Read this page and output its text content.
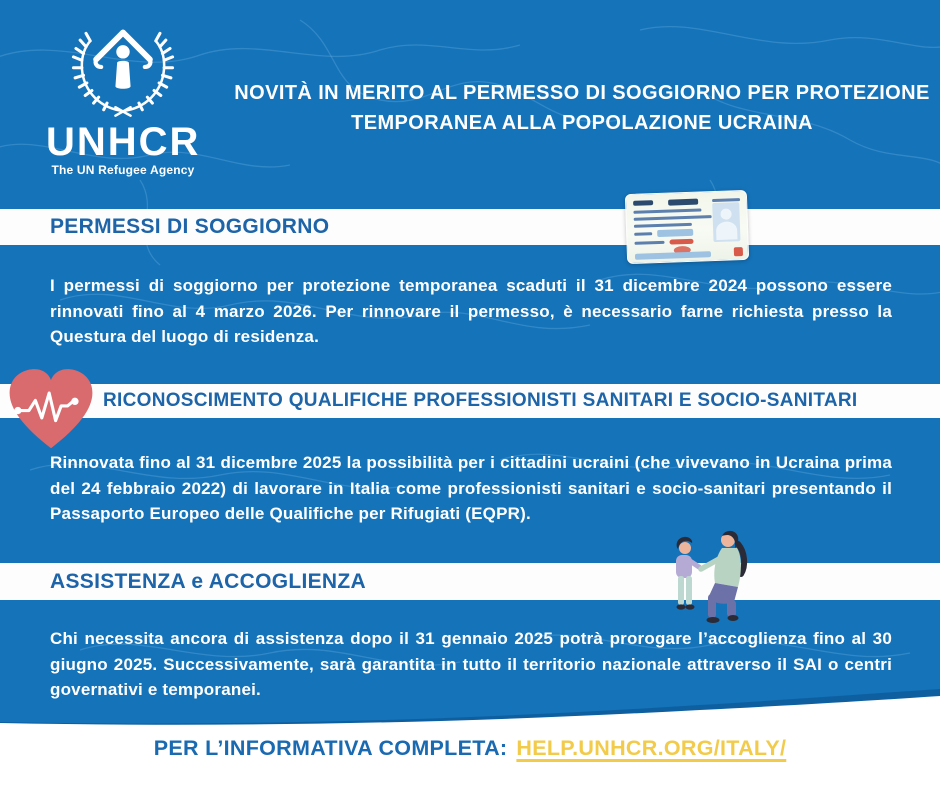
UNHCR
The UN Refugee Agency
NOVITÀ IN MERITO AL PERMESSO DI SOGGIORNO PER PROTEZIONE
TEMPORANEA ALLA POPOLAZIONE UCRAINA
PERMESSI DI SOGGIORNO

I permessi di soggiorno per protezione temporanea scaduti il 31 dicembre 2024 possono essere rinnovati fino al 4 marzo 2026. Per rinnovare il permesso, è necessario farne richiesta presso la Questura del luogo di residenza.

RICONOSCIMENTO QUALIFICHE PROFESSIONISTI SANITARI E SOCIO-SANITARI

Rinnovata fino al 31 dicembre 2025 la possibilità per i cittadini ucraini (che vivevano in Ucraina prima del 24 febbraio 2022) di lavorare in Italia come professionisti sanitari e socio-sanitari presentando il Passaporto Europeo delle Qualifiche per Rifugiati (EQPR).

ASSISTENZA e ACCOGLIENZA

Chi necessita ancora di assistenza dopo il 31 gennaio 2025 potrà prorogare l’accoglienza fino al 30 giugno 2025. Successivamente, sarà garantita in tutto il territorio nazionale attraverso il SAI o centri governativi e temporanei.

PER L’INFORMATIVA COMPLETA: HELP.UNHCR.ORG/ITALY/
